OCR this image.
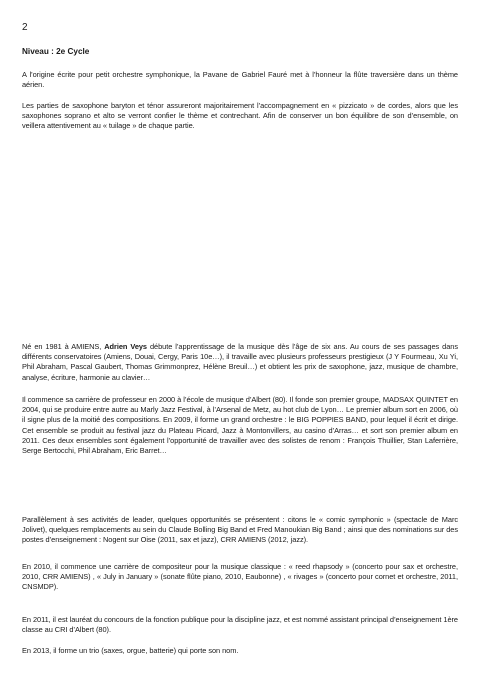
2
Niveau : 2e Cycle

A l’origine écrite pour petit orchestre symphonique, la Pavane de Gabriel Fauré met à l’honneur la flûte traversière dans un thème aérien.

Les parties de saxophone baryton et ténor assureront majoritairement l’accompagnement en « pizzicato » de cordes, alors que les saxophones soprano et alto se verront confier le thème et contrechant. Afin de conserver un bon équilibre de son d’ensemble, on veillera attentivement au « tuilage » de chaque partie.

Né en 1981 à AMIENS, Adrien Veys débute l’apprentissage de la musique dès l’âge de six ans. Au cours de ses passages dans différents conservatoires (Amiens, Douai, Cergy, Paris 10e…), il travaille avec plusieurs professeurs prestigieux (J Y Fourmeau, Xu Yi, Phil Abraham, Pascal Gaubert, Thomas Grimmonprez, Hélène Breuil…) et obtient les prix de saxophone, jazz, musique de chambre, analyse, écriture, harmonie au clavier…

Il commence sa carrière de professeur en 2000 à l’école de musique d’Albert (80). Il fonde son premier groupe, MADSAX QUINTET en 2004, qui se produire entre autre au Marly Jazz Festival, à l’Arsenal de Metz, au hot club de Lyon… Le premier album sort en 2006, où il signe plus de la moitié des compositions. En 2009, il forme un grand orchestre : le BIG POPPIES BAND, pour lequel il écrit et dirige. Cet ensemble se produit au festival jazz du Plateau Picard, Jazz à Montonvillers, au casino d’Arras… et sort son premier album en 2011. Ces deux ensembles sont également l’opportunité de travailler avec des solistes de renom : François Thuillier, Stan Laferrière, Serge Bertocchi, Phil Abraham, Eric Barret…

Parallèlement à ses activités de leader, quelques opportunités se présentent : citons le « comic symphonic » (spectacle de Marc Jolivet), quelques remplacements au sein du Claude Bolling Big Band et Fred Manoukian Big Band ; ainsi que des nominations sur des postes d’enseignement : Nogent sur Oise (2011, sax et jazz), CRR AMIENS (2012, jazz).

En 2010, il commence une carrière de compositeur pour la musique classique : « reed rhapsody » (concerto pour sax et orchestre, 2010, CRR AMIENS) , « July in January » (sonate flûte piano, 2010, Eaubonne) , « rivages » (concerto pour cornet et orchestre, 2011, CNSMDP).

En 2011, il est lauréat du concours de la fonction publique pour la discipline jazz, et est nommé assistant principal d’enseignement 1ère classe au CRI d’Albert (80).

En 2013, il forme un trio (saxes, orgue, batterie) qui porte son nom.
